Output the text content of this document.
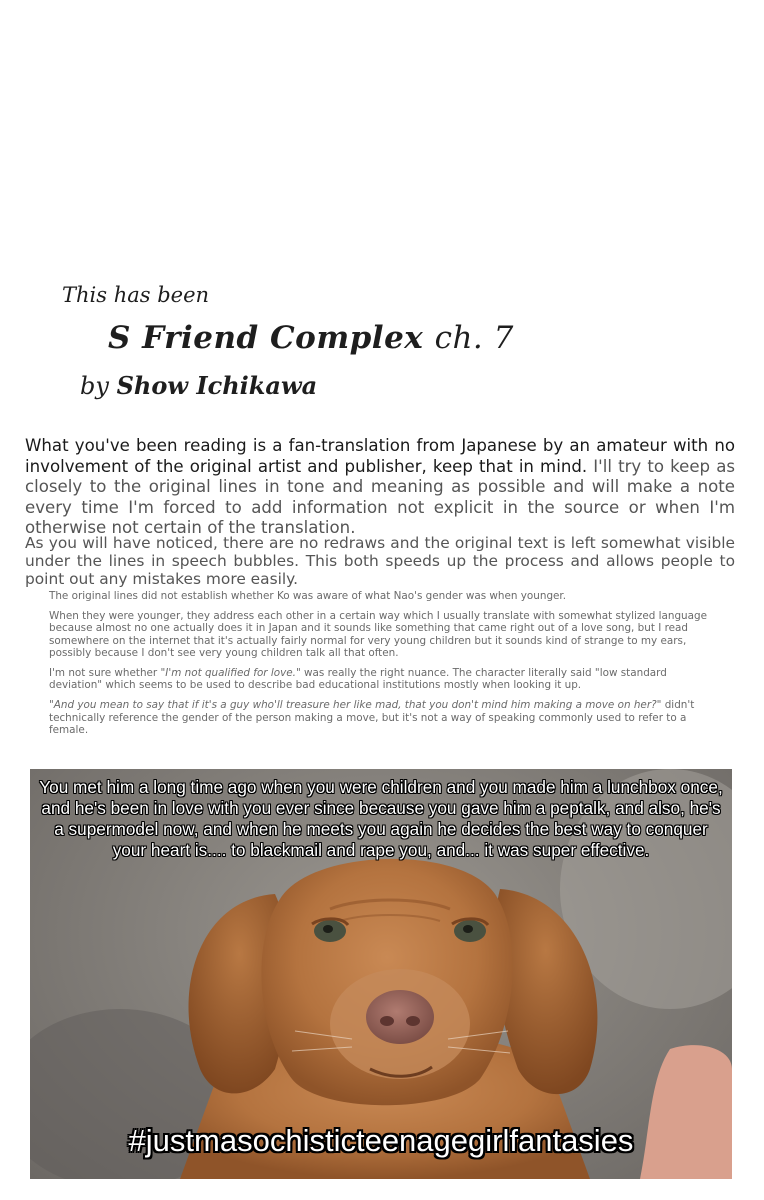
This has been
S Friend Complex ch. 7
by Show Ichikawa

What you've been reading is a fan-translation from Japanese by an amateur with no involvement of the original artist and publisher, keep that in mind. I'll try to keep as closely to the original lines in tone and meaning as possible and will make a note every time I'm forced to add information not explicit in the source or when I'm otherwise not certain of the translation.

As you will have noticed, there are no redraws and the original text is left somewhat visible under the lines in speech bubbles. This both speeds up the process and allows people to point out any mistakes more easily.

The original lines did not establish whether Ko was aware of what Nao's gender was when younger.

When they were younger, they address each other in a certain way which I usually translate with somewhat stylized language because almost no one actually does it in Japan and it sounds like something that came right out of a love song, but I read somewhere on the internet that it's actually fairly normal for very young children but it sounds kind of strange to my ears, possibly because I don't see very young children talk all that often.

I'm not sure whether "I'm not qualified for love." was really the right nuance. The character literally said "low standard deviation" which seems to be used to describe bad educational institutions mostly when looking it up.

"And you mean to say that if it's a guy who'll treasure her like mad, that you don't mind him making a move on her?" didn't technically reference the gender of the person making a move, but it's not a way of speaking commonly used to refer to a female.

You met him a long time ago when you were children and you made him a lunchbox once, and he's been in love with you ever since because you gave him a peptalk, and also, he's a supermodel now, and when he meets you again he decides the best way to conquer your heart is.... to blackmail and rape you, and... it was super effective.

#justmasochisticteenagegirlfantasies
